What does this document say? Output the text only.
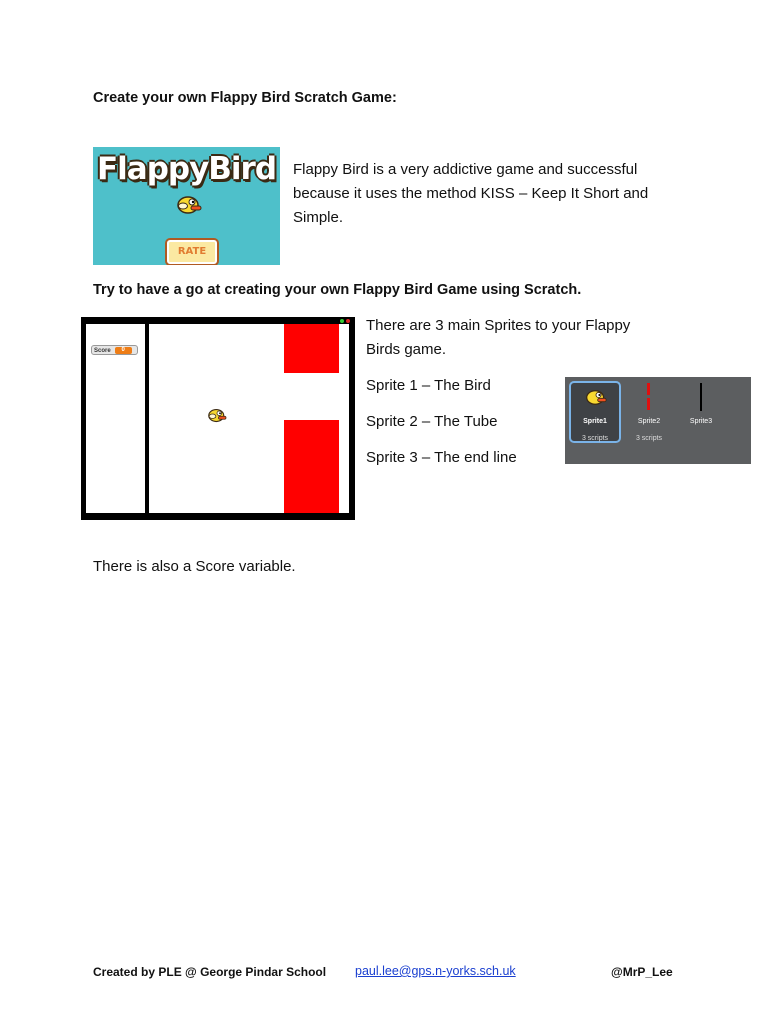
Create your own Flappy Bird Scratch Game:
FlappyBird
RATE
Flappy Bird is a very addictive game and successful
because it uses the method KISS – Keep It Short and
Simple.
Try to have a go at creating your own Flappy Bird Game using Scratch.
Score 0
There are 3 main Sprites to your Flappy
Birds game.
Sprite 1 – The Bird
Sprite 2 – The Tube
Sprite 3 – The end line
Sprite1
3 scripts
Sprite2
3 scripts
Sprite3
There is also a Score variable.
Created by PLE @ George Pindar School paul.lee@gps.n-yorks.sch.uk	@MrP_Lee
